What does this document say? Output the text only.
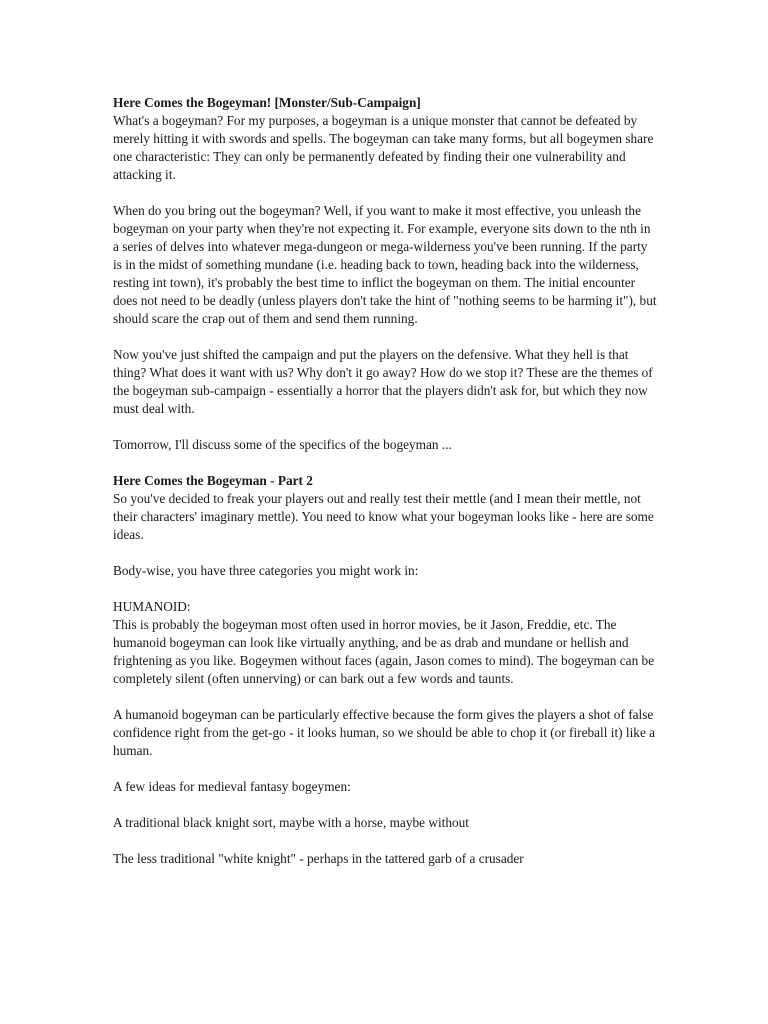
Here Comes the Bogeyman! [Monster/Sub-Campaign]

What's a bogeyman? For my purposes, a bogeyman is a unique monster that cannot be defeated by merely hitting it with swords and spells. The bogeyman can take many forms, but all bogeymen share one characteristic: They can only be permanently defeated by finding their one vulnerability and attacking it.

When do you bring out the bogeyman? Well, if you want to make it most effective, you unleash the bogeyman on your party when they're not expecting it. For example, everyone sits down to the nth in a series of delves into whatever mega-dungeon or mega-wilderness you've been running. If the party is in the midst of something mundane (i.e. heading back to town, heading back into the wilderness, resting int town), it's probably the best time to inflict the bogeyman on them. The initial encounter does not need to be deadly (unless players don't take the hint of "nothing seems to be harming it"), but should scare the crap out of them and send them running.

Now you've just shifted the campaign and put the players on the defensive. What they hell is that thing? What does it want with us? Why don't it go away? How do we stop it? These are the themes of the bogeyman sub-campaign - essentially a horror that the players didn't ask for, but which they now must deal with.

Tomorrow, I'll discuss some of the specifics of the bogeyman ...

Here Comes the Bogeyman - Part 2

So you've decided to freak your players out and really test their mettle (and I mean their mettle, not their characters' imaginary mettle). You need to know what your bogeyman looks like - here are some ideas.

Body-wise, you have three categories you might work in:

HUMANOID:

This is probably the bogeyman most often used in horror movies, be it Jason, Freddie, etc. The humanoid bogeyman can look like virtually anything, and be as drab and mundane or hellish and frightening as you like. Bogeymen without faces (again, Jason comes to mind). The bogeyman can be completely silent (often unnerving) or can bark out a few words and taunts.

A humanoid bogeyman can be particularly effective because the form gives the players a shot of false confidence right from the get-go - it looks human, so we should be able to chop it (or fireball it) like a human.

A few ideas for medieval fantasy bogeymen:

A traditional black knight sort, maybe with a horse, maybe without

The less traditional "white knight" - perhaps in the tattered garb of a crusader
